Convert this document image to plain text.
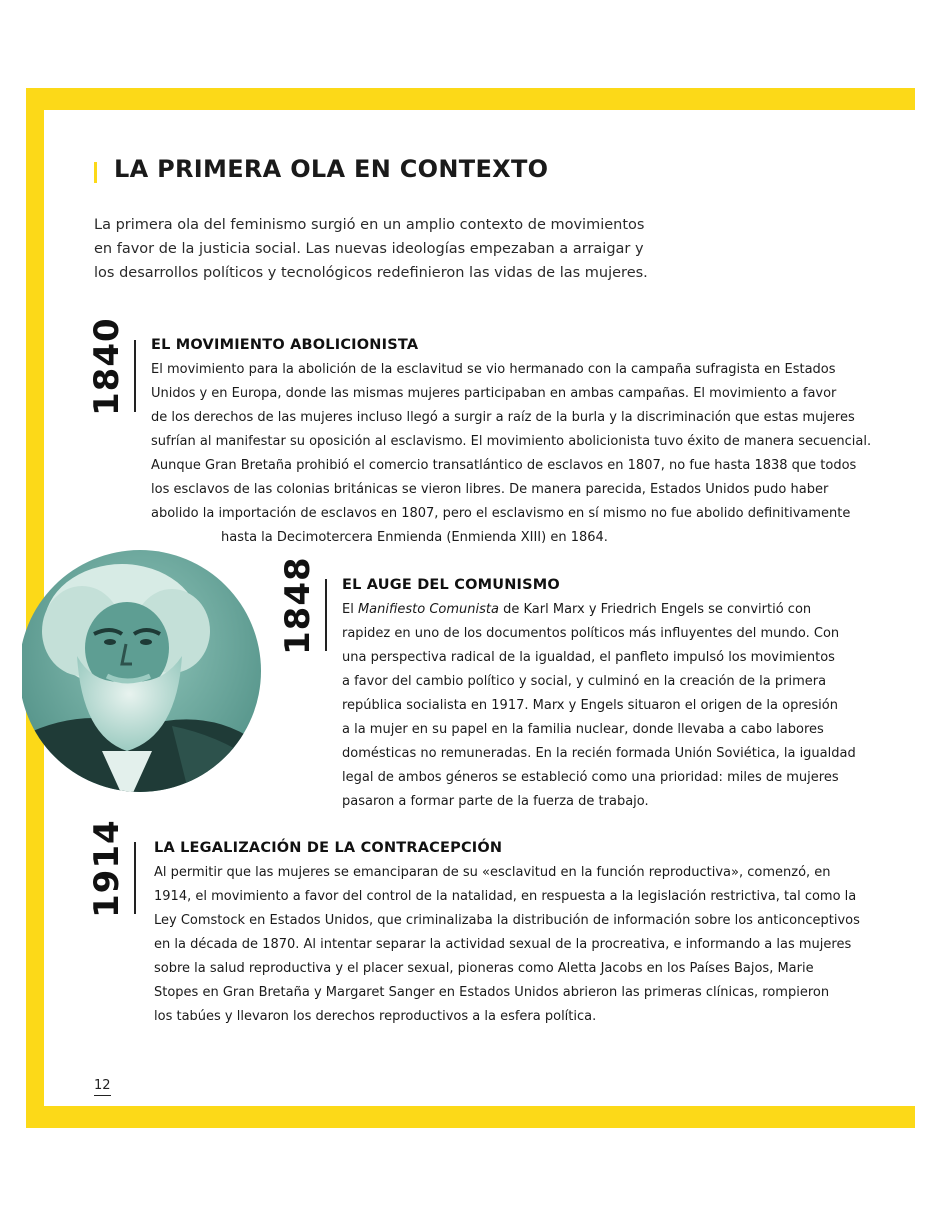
LA PRIMERA OLA EN CONTEXTO

La primera ola del feminismo surgió en un amplio contexto de movimientos
en favor de la justicia social. Las nuevas ideologías empezaban a arraigar y
los desarrollos políticos y tecnológicos redefinieron las vidas de las mujeres.

1840 EL MOVIMIENTO ABOLICIONISTA

El movimiento para la abolición de la esclavitud se vio hermanado con la campaña sufragista en Estados
Unidos y en Europa, donde las mismas mujeres participaban en ambas campañas. El movimiento a favor
de los derechos de las mujeres incluso llegó a surgir a raíz de la burla y la discriminación que estas mujeres
sufrían al manifestar su oposición al esclavismo. El movimiento abolicionista tuvo éxito de manera secuencial.
Aunque Gran Bretaña prohibió el comercio transatlántico de esclavos en 1807, no fue hasta 1838 que todos
los esclavos de las colonias británicas se vieron libres. De manera parecida, Estados Unidos pudo haber
abolido la importación de esclavos en 1807, pero el esclavismo en sí mismo no fue abolido definitivamente
hasta la Decimotercera Enmienda (Enmienda XIII) en 1864.

1848 EL AUGE DEL COMUNISMO

El Manifiesto Comunista de Karl Marx y Friedrich Engels se convirtió con
rapidez en uno de los documentos políticos más influyentes del mundo. Con
una perspectiva radical de la igualdad, el panfleto impulsó los movimientos
a favor del cambio político y social, y culminó en la creación de la primera
república socialista en 1917. Marx y Engels situaron el origen de la opresión
a la mujer en su papel en la familia nuclear, donde llevaba a cabo labores
domésticas no remuneradas. En la recién formada Unión Soviética, la igualdad
legal de ambos géneros se estableció como una prioridad: miles de mujeres
pasaron a formar parte de la fuerza de trabajo.

1914 LA LEGALIZACIÓN DE LA CONTRACEPCIÓN

Al permitir que las mujeres se emanciparan de su «esclavitud en la función reproductiva», comenzó, en
1914, el movimiento a favor del control de la natalidad, en respuesta a la legislación restrictiva, tal como la
Ley Comstock en Estados Unidos, que criminalizaba la distribución de información sobre los anticonceptivos
en la década de 1870. Al intentar separar la actividad sexual de la procreativa, e informando a las mujeres
sobre la salud reproductiva y el placer sexual, pioneras como Aletta Jacobs en los Países Bajos, Marie
Stopes en Gran Bretaña y Margaret Sanger en Estados Unidos abrieron las primeras clínicas, rompieron
los tabúes y llevaron los derechos reproductivos a la esfera política.

12
